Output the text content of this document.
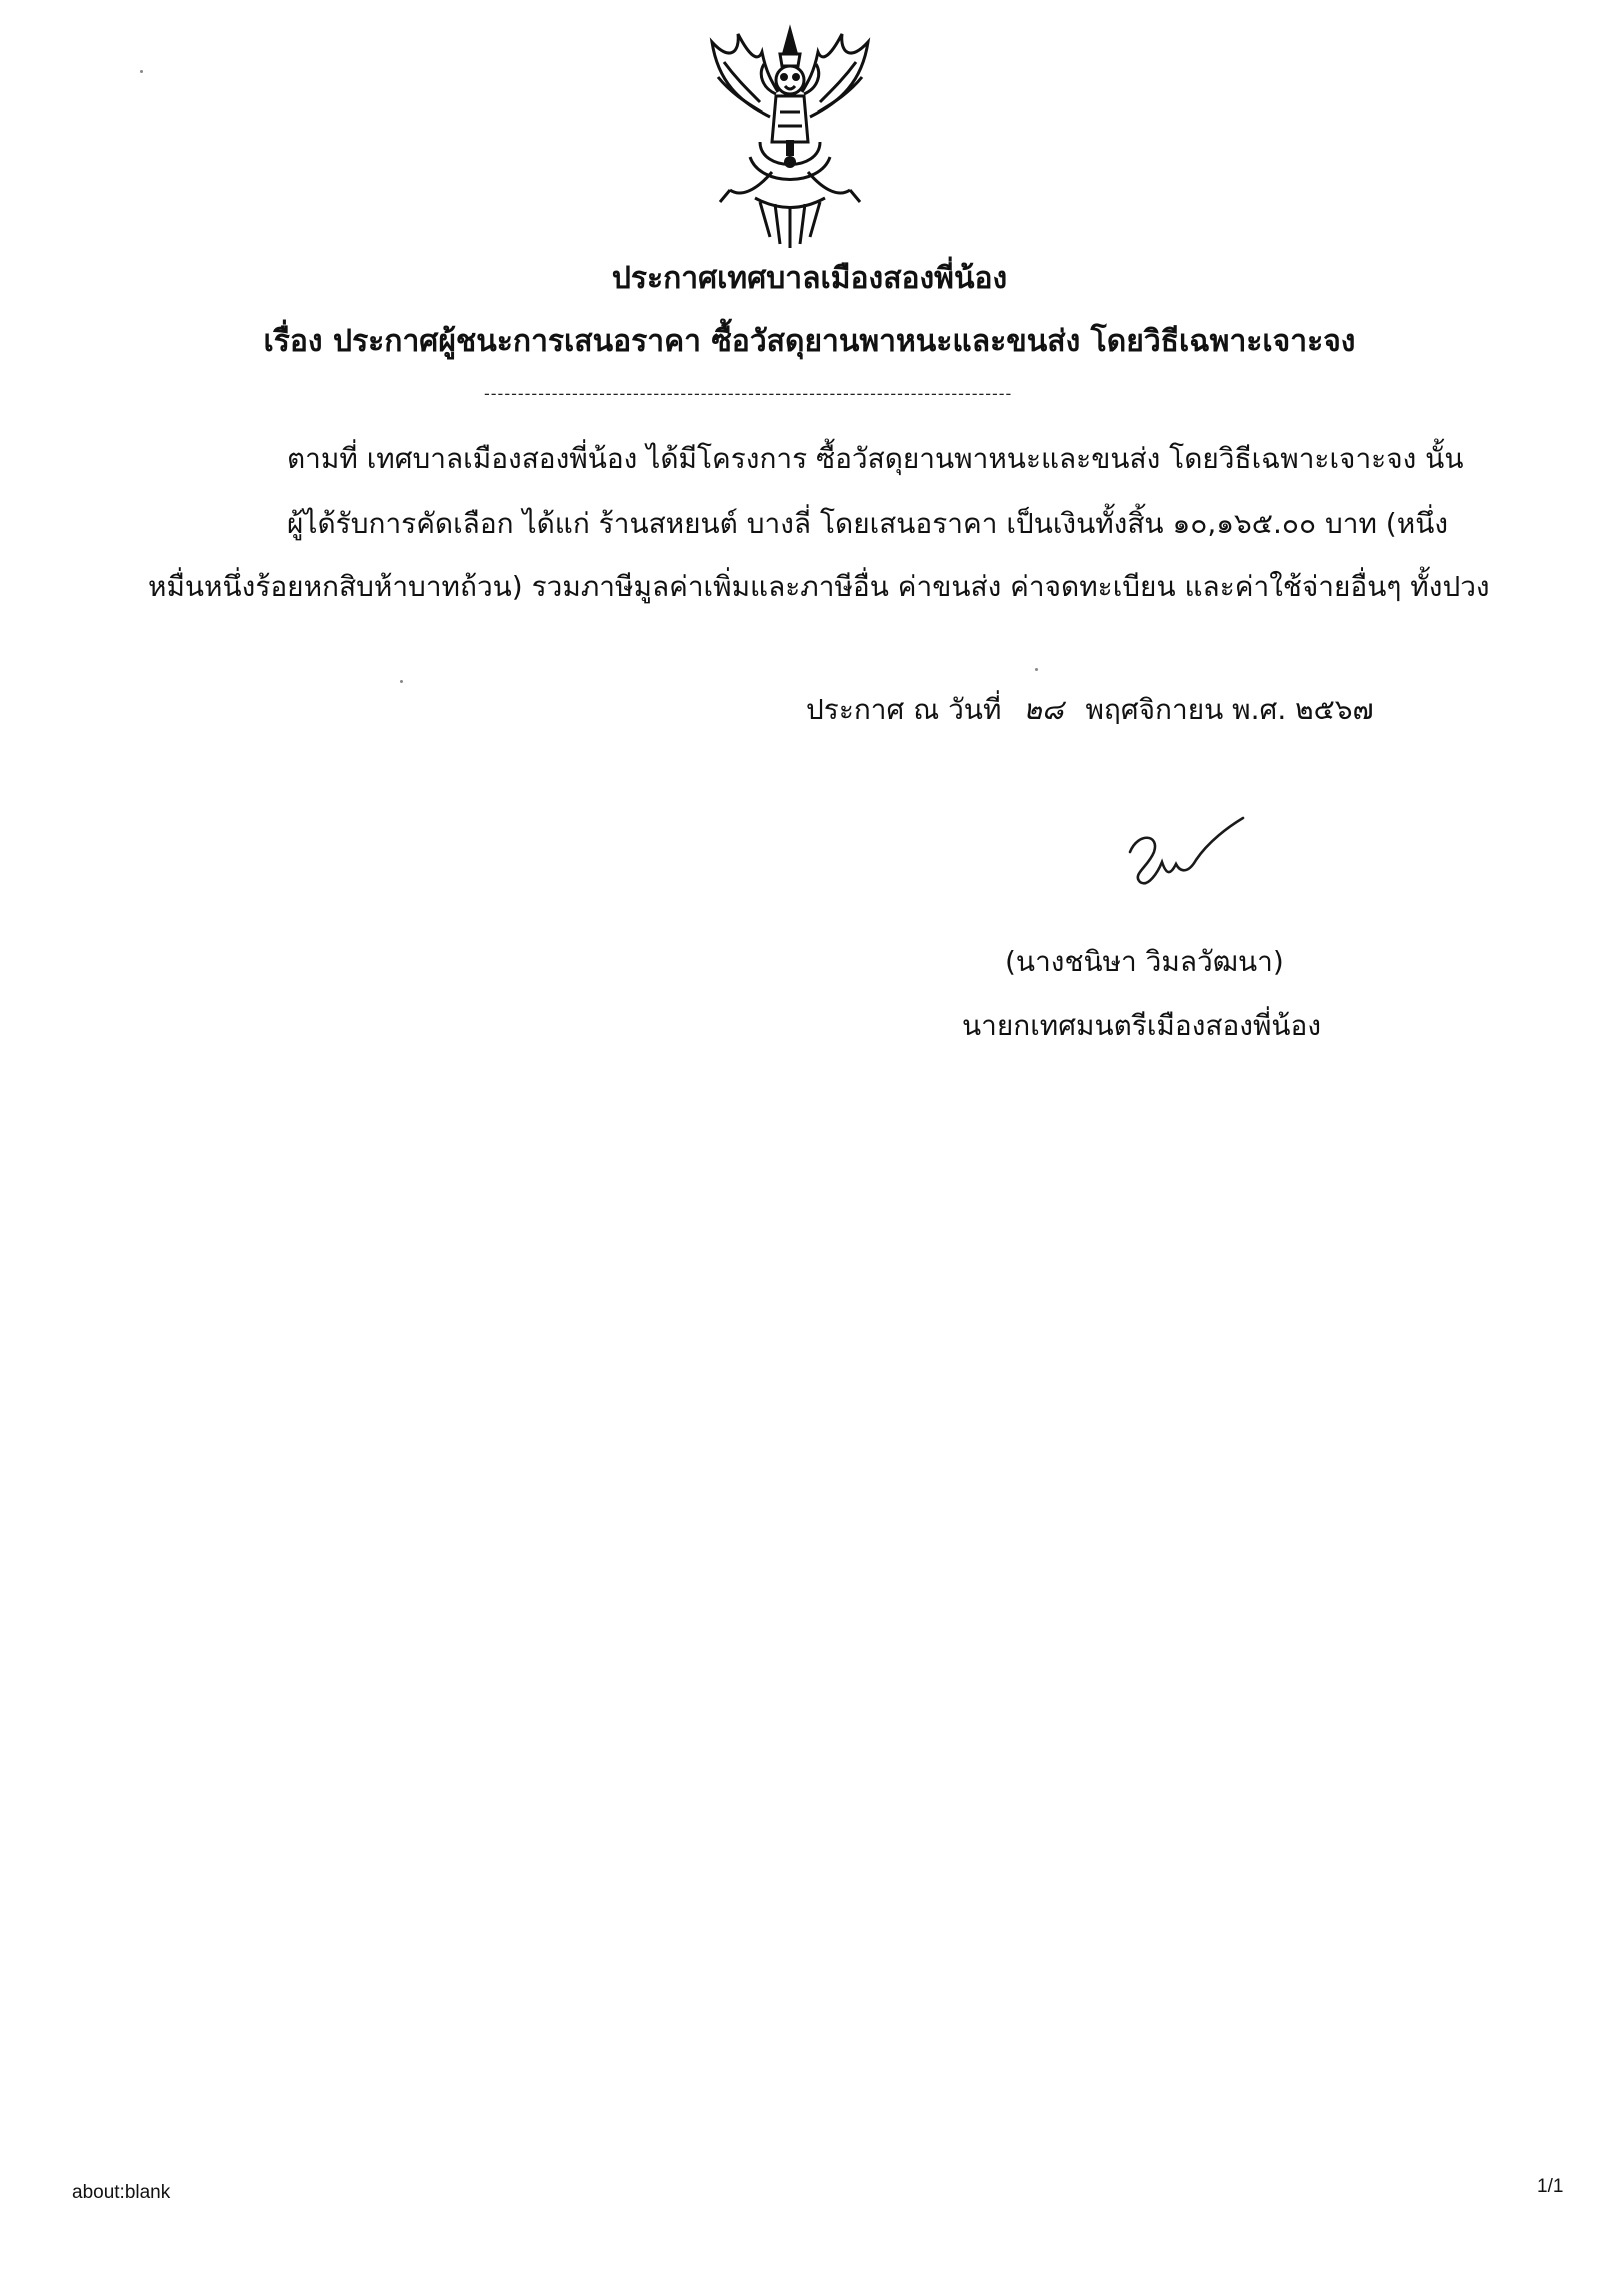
ประกาศเทศบาลเมืองสองพี่น้อง
เรื่อง ประกาศผู้ชนะการเสนอราคา ซื้อวัสดุยานพาหนะและขนส่ง โดยวิธีเฉพาะเจาะจง
------------------------------------------------------------------------------
ตามที่ เทศบาลเมืองสองพี่น้อง ได้มีโครงการ ซื้อวัสดุยานพาหนะและขนส่ง โดยวิธีเฉพาะเจาะจง นั้น
ผู้ได้รับการคัดเลือก ได้แก่ ร้านสหยนต์ บางลี่ โดยเสนอราคา เป็นเงินทั้งสิ้น ๑๐,๑๖๕.๐๐ บาท (หนึ่ง
หมื่นหนึ่งร้อยหกสิบห้าบาทถ้วน) รวมภาษีมูลค่าเพิ่มและภาษีอื่น ค่าขนส่ง ค่าจดทะเบียน และค่าใช้จ่ายอื่นๆ ทั้งปวง
ประกาศ ณ วันที่ ๒๘ พฤศจิกายน พ.ศ. ๒๕๖๗
(นางชนิษา วิมลวัฒนา)
นายกเทศมนตรีเมืองสองพี่น้อง
about:blank	1/1
